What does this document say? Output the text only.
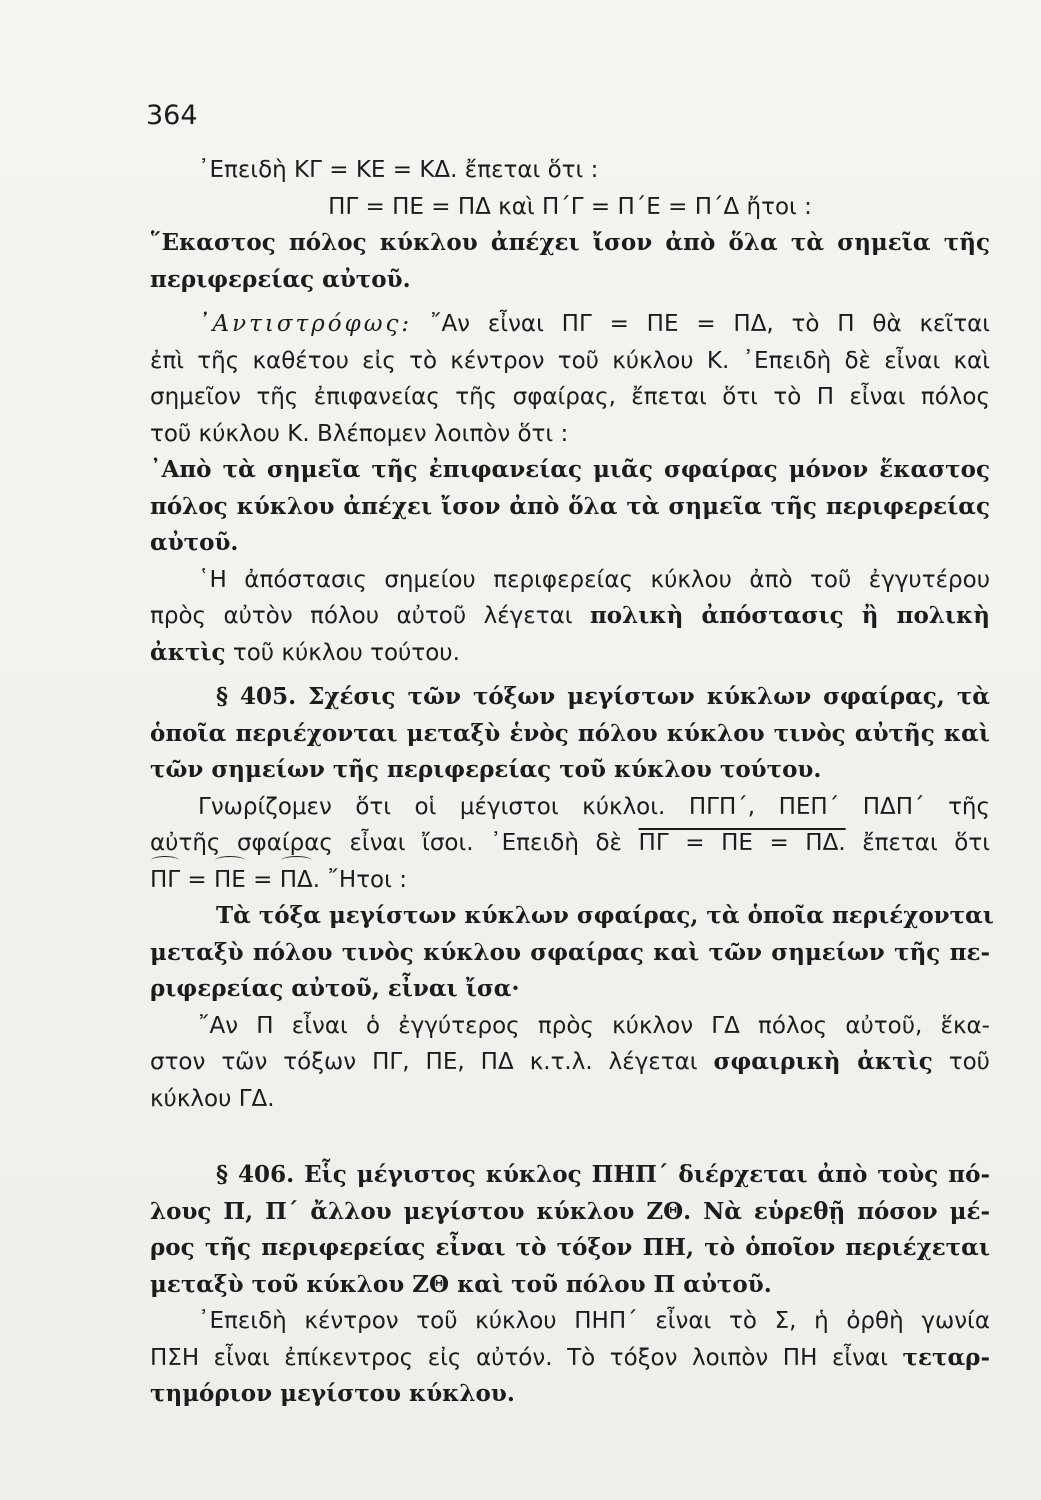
364
᾿Επειδὴ ΚΓ = ΚΕ = ΚΔ. ἔπεται ὅτι :
ΠΓ = ΠΕ = ΠΔ καὶ Π΄Γ = Π΄Ε = Π΄Δ ἤτοι :
῞Εκαστος πόλος κύκλου ἀπέχει ἴσον ἀπὸ ὅλα τὰ σημεῖα τῆς
περιφερείας αὐτοῦ.
᾿Αντιστρόφως: ῎Αν εἶναι ΠΓ = ΠΕ = ΠΔ, τὸ Π θὰ κεῖται
ἐπὶ τῆς καθέτου εἰς τὸ κέντρον τοῦ κύκλου Κ. ᾿Επειδὴ δὲ εἶναι καὶ
σημεῖον τῆς ἐπιφανείας τῆς σφαίρας, ἔπεται ὅτι τὸ Π εἶναι πόλος
τοῦ κύκλου Κ. Βλέπομεν λοιπὸν ὅτι :
᾿Απὸ τὰ σημεῖα τῆς ἐπιφανείας μιᾶς σφαίρας μόνον ἕκαστος
πόλος κύκλου ἀπέχει ἴσον ἀπὸ ὅλα τὰ σημεῖα τῆς περιφερείας
αὐτοῦ.
῾Η ἀπόστασις σημείου περιφερείας κύκλου ἀπὸ τοῦ ἐγγυτέρου
πρὸς αὐτὸν πόλου αὐτοῦ λέγεται πολικὴ ἀπόστασις ἢ πολικὴ
ἀκτὶς τοῦ κύκλου τούτου.
§ 405. Σχέσις τῶν τόξων μεγίστων κύκλων σφαίρας, τὰ
ὁποῖα περιέχονται μεταξὺ ἑνὸς πόλου κύκλου τινὸς αὐτῆς καὶ
τῶν σημείων τῆς περιφερείας τοῦ κύκλου τούτου.
Γνωρίζομεν ὅτι οἱ μέγιστοι κύκλοι. ΠΓΠ΄, ΠΕΠ΄ ΠΔΠ΄ τῆς
αὐτῆς σφαίρας εἶναι ἴσοι. ᾿Επειδὴ δὲ ΠΓ = ΠΕ = ΠΔ. ἔπεται ὅτι
ΠΓ = ΠΕ = ΠΔ. ῎Ητοι :
Τὰ τόξα μεγίστων κύκλων σφαίρας, τὰ ὁποῖα περιέχονται
μεταξὺ πόλου τινὸς κύκλου σφαίρας καὶ τῶν σημείων τῆς πε-
ριφερείας αὐτοῦ, εἶναι ἴσα·
῎Αν Π εἶναι ὁ ἐγγύτερος πρὸς κύκλον ΓΔ πόλος αὐτοῦ, ἕκα-
στον τῶν τόξων ΠΓ, ΠΕ, ΠΔ κ.τ.λ. λέγεται σφαιρικὴ ἀκτὶς τοῦ
κύκλου ΓΔ.
§ 406. Εἷς μέγιστος κύκλος ΠΗΠ΄ διέρχεται ἀπὸ τοὺς πό-
λους Π, Π΄ ἄλλου μεγίστου κύκλου ΖΘ. Νὰ εὑρεθῇ πόσον μέ-
ρος τῆς περιφερείας εἶναι τὸ τόξον ΠΗ, τὸ ὁποῖον περιέχεται
μεταξὺ τοῦ κύκλου ΖΘ καὶ τοῦ πόλου Π αὐτοῦ.
᾿Επειδὴ κέντρον τοῦ κύκλου ΠΗΠ΄ εἶναι τὸ Σ, ἡ ὀρθὴ γωνία
ΠΣΗ εἶναι ἐπίκεντρος εἰς αὐτόν. Τὸ τόξον λοιπὸν ΠΗ εἶναι τεταρ-
τημόριον μεγίστου κύκλου.
